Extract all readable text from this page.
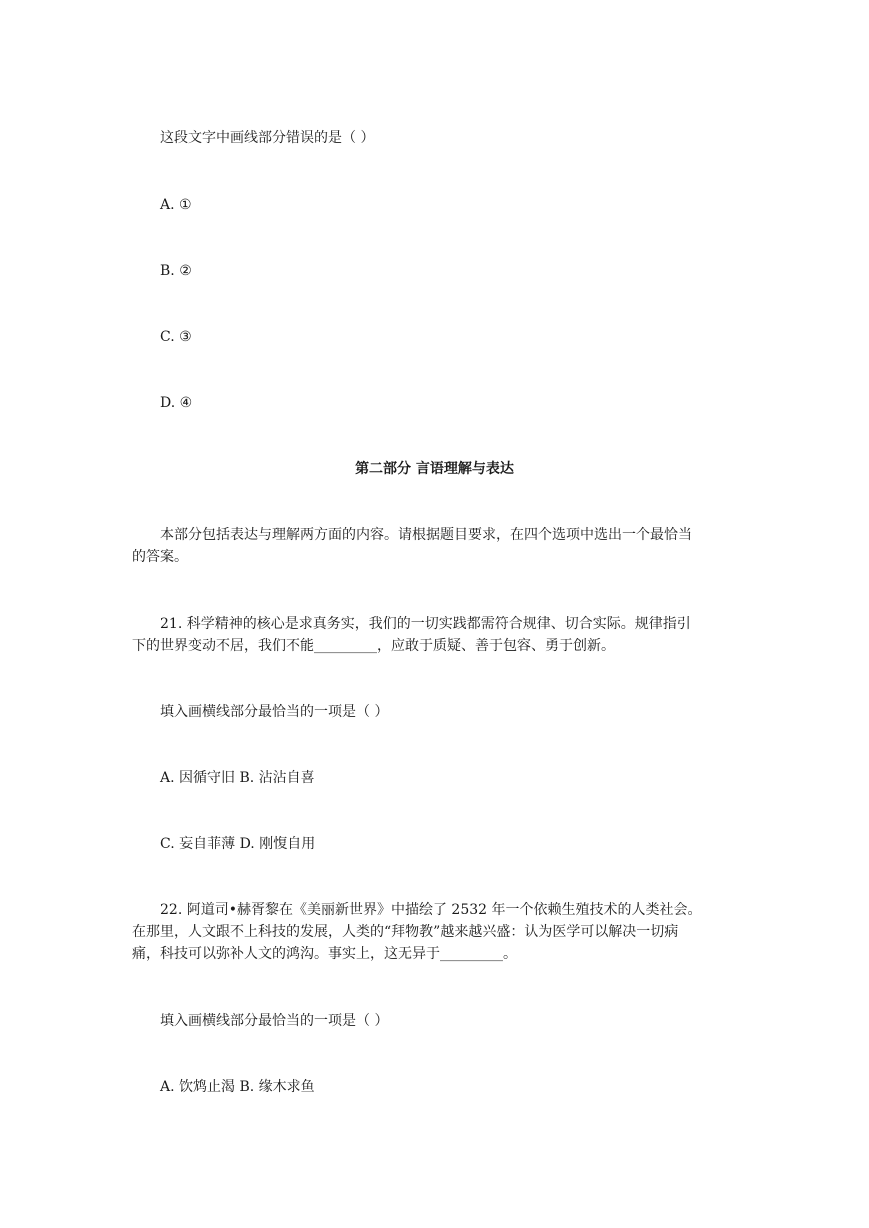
这段文字中画线部分错误的是（ ）
A. ①
B. ②
C. ③
D. ④
第二部分 言语理解与表达
本部分包括表达与理解两方面的内容。请根据题目要求，在四个选项中选出一个最恰当
的答案。
21. 科学精神的核心是求真务实，我们的一切实践都需符合规律、切合实际。规律指引
下的世界变动不居，我们不能_________，应敢于质疑、善于包容、勇于创新。
填入画横线部分最恰当的一项是（ ）
A. 因循守旧 B. 沾沾自喜
C. 妄自菲薄 D. 刚愎自用
22. 阿道司•赫胥黎在《美丽新世界》中描绘了 2532 年一个依赖生殖技术的人类社会。
在那里，人文跟不上科技的发展，人类的“拜物教”越来越兴盛：认为医学可以解决一切病
痛，科技可以弥补人文的鸿沟。事实上，这无异于_________。
填入画横线部分最恰当的一项是（ ）
A. 饮鸩止渴 B. 缘木求鱼
